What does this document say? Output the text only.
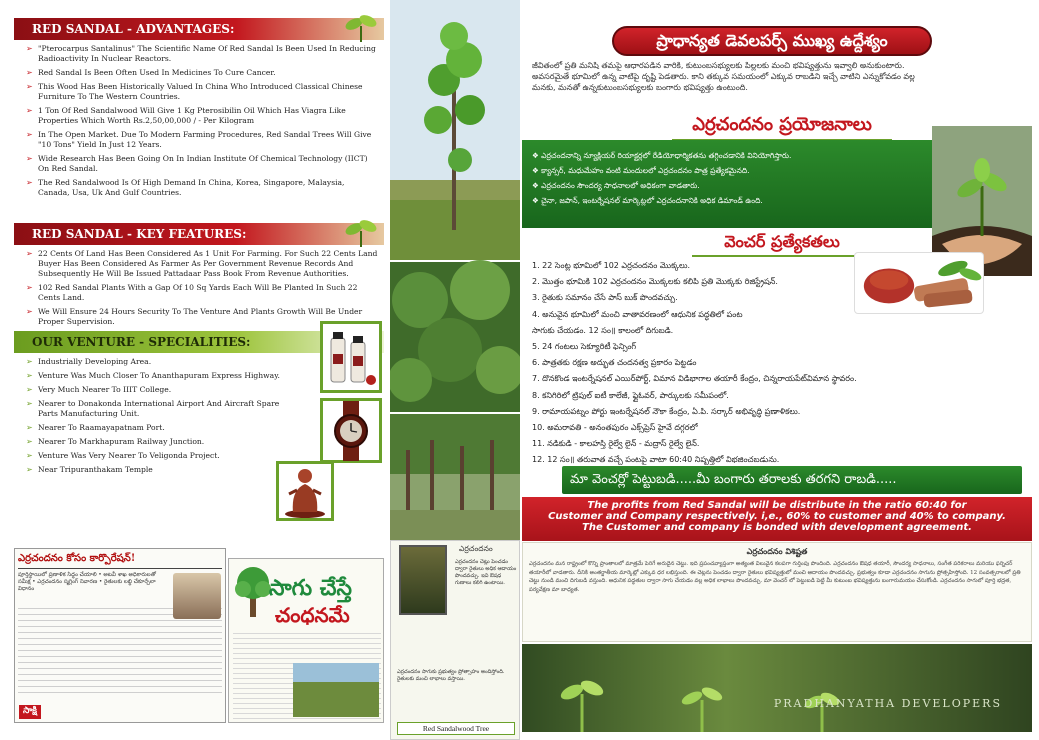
RED SANDAL - ADVANTAGES:
➢ "Pterocarpus Santalinus" The Scientific Name Of Red Sandal Is Been Used In Reducing Radioactivity In Nuclear Reactors.
➢ Red Sandal Is Been Often Used In Medicines To Cure Cancer.
➢ This Wood Has Been Historically Valued In China Who Introduced Classical Chinese Furniture To The Western Countries.
➢ 1 Ton Of Red Sandalwood Will Give 1 Kg Pterosibilin Oil Which Has Viagra Like Properties Which Worth Rs.2,50,00,000 / - Per Kilogram
➢ In The Open Market. Due To Modern Farming Procedures, Red Sandal Trees Will Give "10 Tons" Yield In Just 12 Years.
➢ Wide Research Has Been Going On In Indian Institute Of Chemical Technology (IICT) On Red Sandal.
➢ The Red Sandalwood Is Of High Demand In China, Korea, Singapore, Malaysia, Canada, Usa, Uk And Gulf Countries.
RED SANDAL - KEY FEATURES:
➢ 22 Cents Of Land Has Been Considered As 1 Unit For Farming. For Such 22 Cents Land Buyer Has Been Considered As Farmer As Per Government Revenue Records And Subsequently He Will Be Issued Pattadaar Pass Book From Revenue Authorities.
➢ 102 Red Sandal Plants With a Gap Of 10 Sq Yards Each Will Be Planted In Such 22 Cents Land.
➢ We Will Ensure 24 Hours Security To The Venture And Plants Growth Will Be Under Proper Supervision.
OUR VENTURE - SPECIALITIES:
➢ Industrially Developing Area.
➢ Venture Was Much Closer To Ananthapuram Express Highway.
➢ Very Much Nearer To IIIT College.
➢ Nearer to Donakonda International Airport And Aircraft Spare Parts Manufacturing Unit.
➢ Nearer To Raamayapatnam Port.
➢ Nearer To Markhapuram Railway Junction.
➢ Venture Was Very Nearer To Veligonda Project.
➢ Near Tripuranthakam Temple
ఎర్రచందనం కోసం కార్పొరేషన్!
పూర్తిస్థాయిలో ప్రణాళిక సిద్ధం చేయాలి • అటవీ శాఖ అధికారులతో సమీక్ష • ఎర్రచందనం స్మగ్లింగ్ నివారణ • రైతులకు లబ్ధి చేకూర్చేలా విధానం
సాక్షి
సాగు చేస్తే
చంధనమే
ఎర్రచందనం
ఎర్రచందనం చెట్లు పెంచడం ద్వారా రైతులు అధిక ఆదాయం పొందవచ్చు. ఇవి ఔషధ గుణాలు కలిగి ఉంటాయి.
ఎర్రచందనం సాగుకు ప్రభుత్వం ప్రోత్సాహం అందిస్తోంది. రైతులకు మంచి లాభాలు వస్తాయి.
Red Sandalwood Tree
ప్రాధాన్యత డెవలపర్స్ ముఖ్య ఉద్దేశ్యం
జీవితంలో ప్రతి మనిషి తమపై ఆధారపడిన వారికి, కుటుంబసభ్యులకు పిల్లలకు మంచి భవిష్యత్తును ఇవ్వాలి అనుకుంటారు. అవసరమైతే భూమిలో ఉన్న వాటిపై దృష్టి పెడతారు. కాని తక్కువ సమయంలో ఎక్కువ రాబడిని ఇచ్చే వాటిని ఎన్నుకోవడం వల్ల మనకు, మనతో ఉన్నకుటుంబసభ్యులకు బంగారు భవిష్యత్తు ఉంటుంది.
ఎర్రచందనం ప్రయోజనాలు
❖ ఎర్రచందనాన్ని న్యూక్లియర్ రియాక్టర్లలో రేడియోధార్మికతను తగ్గించడానికి వినియోగిస్తారు.
❖ క్యాన్సర్, మధుమేహం వంటి మందులలో ఎర్రచందనం పాత్ర ప్రత్యేకమైనది.
❖ ఎర్రచందనం సౌందర్య సాధనాలలో అధికంగా వాడతారు.
❖ చైనా, జపాన్, ఇంటర్నేషనల్ మార్కెట్లలో ఎర్రచందనానికి అధిక డిమాండ్ ఉంది.
వెంచర్ ప్రత్యేకతలు
1. 22 సెంట్ల భూమిలో 102 ఎర్రచందనం మొక్కలు.
2. మొత్తం భూమికి 102 ఎర్రచందనం మొక్కలకు కలిపి ప్రతి మొక్కకు రిజిస్ట్రేషన్.
3. రైతుకు సమానం చేసే పాస్ బుక్ పొందవచ్చు.
4. అనువైన భూమిలో మంచి వాతావరణంలో ఆధునిక పద్ధతిలో పంట
సాగుకు చేయడం. 12 సం॥ కాలంలో దిగుబడి.
5. 24 గంటలు సెక్యూరిటీ ఫెన్సింగ్
6. పాత్రతకు రక్షణ అద్భుత చందనత్వ ప్రకారం పెట్టడం
7. దొనకొండ ఇంటర్నేషనల్ ఎయిర్‌పోర్ట్, విమాన విడిభాగాల తయారీ కేంద్రం, చిన్నరాయపేట్‌విమాన స్థావరం.
8. కనిగిరిలో ట్రిపుల్ ఐటీ కాలేజీ, ఫ్లైఓవర్, పార్కులకు సమీపంలో.
9. రామాయపట్నం పోర్టు ఇంటర్నేషనల్ నౌకా కేంద్రం, ఏ.పి. సర్కార్ అభివృద్ధి ప్రణాళికలు.
10. అమరావతి - అనంతపురం ఎక్స్‌ప్రెస్ హైవే దగ్గరలో
11. నడికుడి - కాలహస్తి రైల్వే లైన్ - మద్రాస్ రైల్వే లైన్.
12. 12 సం॥ తరువాత వచ్చే పంటపై వాటా 60:40 నిష్పత్తిలో విభజించబడును.
మా వెంచర్లో పెట్టుబడి.....మీ బంగారు తరాలకు తరగని రాబడి.....
The profits from Red Sandal will be distribute in the ratio 60:40 for
Customer and Company respectively. i,e., 60% to customer and 40% to company.
The Customer and company is bonded with development agreement.
ఎర్రచందనం విశిష్టత
ఎర్రచందనం మన రాష్ట్రంలో కొన్ని ప్రాంతాలలో మాత్రమే పెరిగే అరుదైన చెట్టు. ఇది ప్రపంచవ్యాప్తంగా అత్యంత విలువైన కలపగా గుర్తింపు పొందింది. ఎర్రచందనం ఔషధ తయారీ, సౌందర్య సాధనాలు, సంగీత పరికరాలు మరియు ఫర్నిచర్ తయారీలో వాడతారు. దీనికి అంతర్జాతీయ మార్కెట్లో ఎక్కువ ధర లభిస్తుంది. ఈ చెట్లను పెంచడం ద్వారా రైతులు భవిష్యత్తులో మంచి ఆదాయం పొందవచ్చు. ప్రభుత్వం కూడా ఎర్రచందనం సాగును ప్రోత్సహిస్తోంది. 12 సంవత్సరాలలో ప్రతి చెట్టు నుండి మంచి దిగుబడి వస్తుంది. ఆధునిక పద్ధతుల ద్వారా సాగు చేయడం వల్ల అధిక లాభాలు పొందవచ్చు. మా వెంచర్ లో పెట్టుబడి పెట్టి మీ కుటుంబ భవిష్యత్తును బంగారుమయం చేసుకోండి. ఎర్రచందనం సాగులో పూర్తి భద్రత, పర్యవేక్షణ మా బాధ్యత.
PRADHANYATHA DEVELOPERS
